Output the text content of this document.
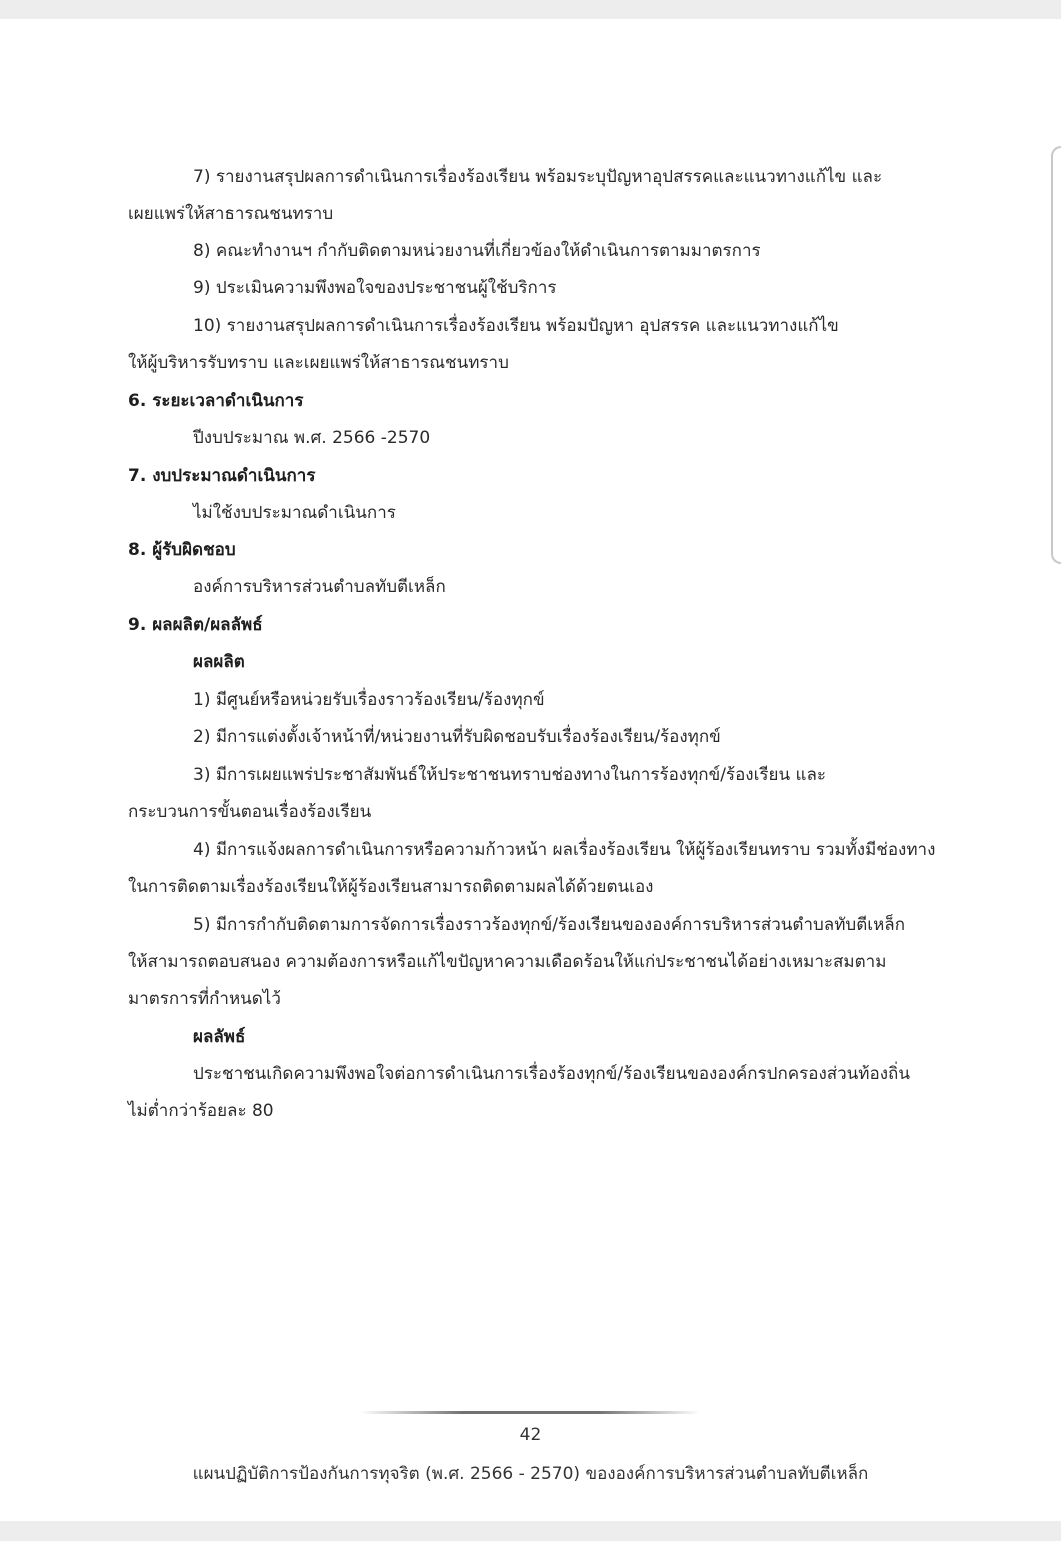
7) รายงานสรุปผลการดำเนินการเรื่องร้องเรียน พร้อมระบุปัญหาอุปสรรคและแนวทางแก้ไข และ

เผยแพร่ให้สาธารณชนทราบ

8) คณะทำงานฯ กำกับติดตามหน่วยงานที่เกี่ยวข้องให้ดำเนินการตามมาตรการ

9) ประเมินความพึงพอใจของประชาชนผู้ใช้บริการ

10) รายงานสรุปผลการดำเนินการเรื่องร้องเรียน พร้อมปัญหา อุปสรรค และแนวทางแก้ไข

ให้ผู้บริหารรับทราบ และเผยแพร่ให้สาธารณชนทราบ

6. ระยะเวลาดำเนินการ

ปีงบประมาณ พ.ศ. 2566 -2570

7. งบประมาณดำเนินการ

ไม่ใช้งบประมาณดำเนินการ

8. ผู้รับผิดชอบ

องค์การบริหารส่วนตำบลทับตีเหล็ก

9. ผลผลิต/ผลลัพธ์

ผลผลิต

1) มีศูนย์หรือหน่วยรับเรื่องราวร้องเรียน/ร้องทุกข์

2) มีการแต่งตั้งเจ้าหน้าที่/หน่วยงานที่รับผิดชอบรับเรื่องร้องเรียน/ร้องทุกข์

3) มีการเผยแพร่ประชาสัมพันธ์ให้ประชาชนทราบช่องทางในการร้องทุกข์/ร้องเรียน และ

กระบวนการขั้นตอนเรื่องร้องเรียน

4) มีการแจ้งผลการดำเนินการหรือความก้าวหน้า ผลเรื่องร้องเรียน ให้ผู้ร้องเรียนทราบ รวมทั้งมีช่องทาง

ในการติดตามเรื่องร้องเรียนให้ผู้ร้องเรียนสามารถติดตามผลได้ด้วยตนเอง

5) มีการกำกับติดตามการจัดการเรื่องราวร้องทุกข์/ร้องเรียนขององค์การบริหารส่วนตำบลทับตีเหล็ก

ให้สามารถตอบสนอง ความต้องการหรือแก้ไขปัญหาความเดือดร้อนให้แก่ประชาชนได้อย่างเหมาะสมตาม

มาตรการที่กำหนดไว้

ผลลัพธ์

ประชาชนเกิดความพึงพอใจต่อการดำเนินการเรื่องร้องทุกข์/ร้องเรียนขององค์กรปกครองส่วนท้องถิ่น

ไม่ต่ำกว่าร้อยละ 80

42
แผนปฏิบัติการป้องกันการทุจริต (พ.ศ. 2566 - 2570) ขององค์การบริหารส่วนตำบลทับตีเหล็ก
